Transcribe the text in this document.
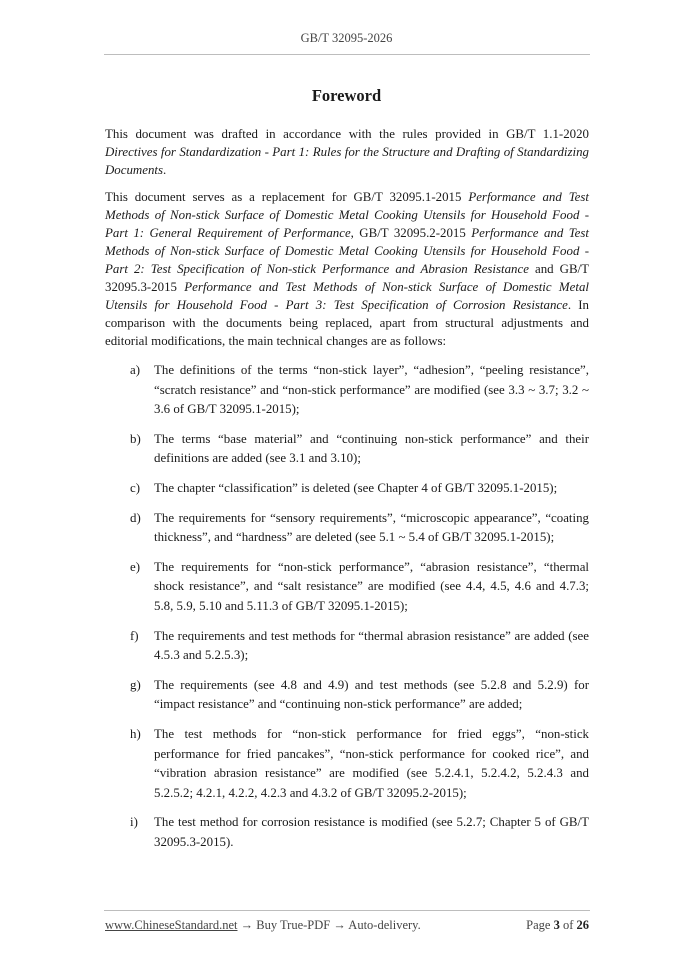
GB/T 32095-2026
Foreword

This document was drafted in accordance with the rules provided in GB/T 1.1-2020 Directives for Standardization - Part 1: Rules for the Structure and Drafting of Standardizing Documents.

This document serves as a replacement for GB/T 32095.1-2015 Performance and Test Methods of Non-stick Surface of Domestic Metal Cooking Utensils for Household Food - Part 1: General Requirement of Performance, GB/T 32095.2-2015 Performance and Test Methods of Non-stick Surface of Domestic Metal Cooking Utensils for Household Food - Part 2: Test Specification of Non-stick Performance and Abrasion Resistance and GB/T 32095.3-2015 Performance and Test Methods of Non-stick Surface of Domestic Metal Utensils for Household Food - Part 3: Test Specification of Corrosion Resistance. In comparison with the documents being replaced, apart from structural adjustments and editorial modifications, the main technical changes are as follows:

a)	The definitions of the terms “non-stick layer”, “adhesion”, “peeling resistance”, “scratch resistance” and “non-stick performance” are modified (see 3.3 ~ 3.7; 3.2 ~ 3.6 of GB/T 32095.1-2015);
b)	The terms “base material” and “continuing non-stick performance” and their definitions are added (see 3.1 and 3.10);
c)	The chapter “classification” is deleted (see Chapter 4 of GB/T 32095.1-2015);
d)	The requirements for “sensory requirements”, “microscopic appearance”, “coating thickness”, and “hardness” are deleted (see 5.1 ~ 5.4 of GB/T 32095.1-2015);
e)	The requirements for “non-stick performance”, “abrasion resistance”, “thermal shock resistance”, and “salt resistance” are modified (see 4.4, 4.5, 4.6 and 4.7.3; 5.8, 5.9, 5.10 and 5.11.3 of GB/T 32095.1-2015);
f)	The requirements and test methods for “thermal abrasion resistance” are added (see 4.5.3 and 5.2.5.3);
g)	The requirements (see 4.8 and 4.9) and test methods (see 5.2.8 and 5.2.9) for “impact resistance” and “continuing non-stick performance” are added;
h)	The test methods for “non-stick performance for fried eggs”, “non-stick performance for fried pancakes”, “non-stick performance for cooked rice”, and “vibration abrasion resistance” are modified (see 5.2.4.1, 5.2.4.2, 5.2.4.3 and 5.2.5.2; 4.2.1, 4.2.2, 4.2.3 and 4.3.2 of GB/T 32095.2-2015);
i)	The test method for corrosion resistance is modified (see 5.2.7; Chapter 5 of GB/T 32095.3-2015).
www.ChineseStandard.net → Buy True-PDF → Auto-delivery.	Page 3 of 26
